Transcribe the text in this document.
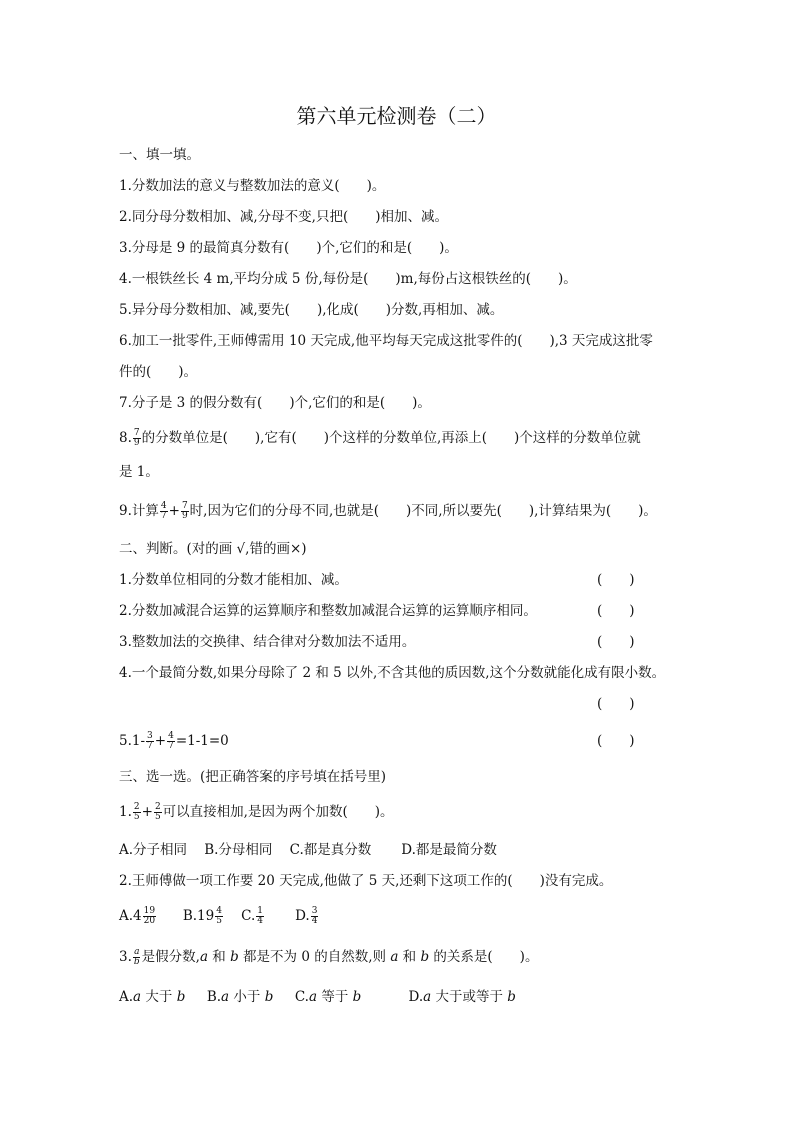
第六单元检测卷（二）
一、填一填。
1.分数加法的意义与整数加法的意义(　　)。
2.同分母分数相加、减,分母不变,只把(　　)相加、减。
3.分母是 9 的最简真分数有(　　)个,它们的和是(　　)。
4.一根铁丝长 4 m,平均分成 5 份,每份是(　　)m,每份占这根铁丝的(　　)。
5.异分母分数相加、减,要先(　　),化成(　　)分数,再相加、减。
6.加工一批零件,王师傅需用 10 天完成,他平均每天完成这批零件的(　　),3 天完成这批零
件的(　　)。
7.分子是 3 的假分数有(　　)个,它们的和是(　　)。
8. $\frac{7}{9}$ 的分数单位是(　　),它有(　　)个这样的分数单位,再添上(　　)个这样的分数单位就
是 1。
9.计算 $\frac{4}{7} + \frac{7}{9}$ 时,因为它们的分母不同,也就是(　　)不同,所以要先(　　),计算结果为(　　)。
二、判断。(对的画 √,错的画×)
1.分数单位相同的分数才能相加、减。	(　　)
2.分数加减混合运算的运算顺序和整数加减混合运算的运算顺序相同。	(　　)
3.整数加法的交换律、结合律对分数加法不适用。	(　　)
4.一个最简分数,如果分母除了 2 和 5 以外,不含其他的质因数,这个分数就能化成有限小数。
(　　)
$5.1- \frac{3}{7} + \frac{4}{7} =1-1=0$	(　　)
三、选一选。(把正确答案的序号填在括号里)
1. $\frac{2}{5} + \frac{2}{5}$ 可以直接相加,是因为两个加数(　　)。
A.分子相同 B.分母相同 C.都是真分数 D.都是最简分数
2.王师傅做一项工作要 20 天完成,他做了 5 天,还剩下这项工作的(　　)没有完成。
$A.4 \frac{19}{20} B.19 \frac{4}{5} C$. $\frac{1}{4} D$. $\frac{3}{4}$
3. $\frac{a}{b}$ 是假分数,a 和 b 都是不为 0 的自然数,则 a 和 b 的关系是(　　)。
A.a 大于 b B.a 小于 b C.a 等于 b	D.a 大于或等于 b
